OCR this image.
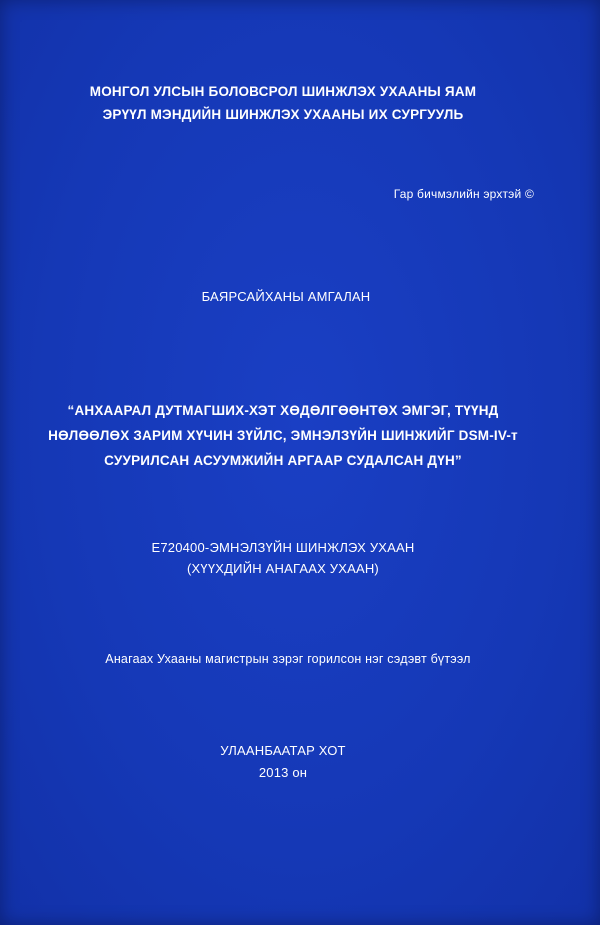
МОНГОЛ УЛСЫН БОЛОВСРОЛ ШИНЖЛЭХ УХААНЫ ЯАМ
ЭРҮҮЛ МЭНДИЙН ШИНЖЛЭХ УХААНЫ ИХ СУРГУУЛЬ
Гар бичмэлийн эрхтэй ©
БАЯРСАЙХАНЫ АМГАЛАН
“АНХААРАЛ ДУТМАГШИХ-ХЭТ ХӨДӨЛГӨӨНТӨХ ЭМГЭГ, ТҮҮНД
НӨЛӨӨЛӨХ ЗАРИМ ХҮЧИН ЗҮЙЛС, ЭМНЭЛЗҮЙН ШИНЖИЙГ DSM-IV-т
СУУРИЛСАН АСУУМЖИЙН АРГААР СУДАЛСАН ДҮН”
Е720400-ЭМНЭЛЗҮЙН ШИНЖЛЭХ УХААН
(ХҮҮХДИЙН АНАГААХ УХААН)
Анагаах Ухааны магистрын зэрэг горилсон нэг сэдэвт бүтээл
УЛААНБААТАР ХОТ
2013 он
